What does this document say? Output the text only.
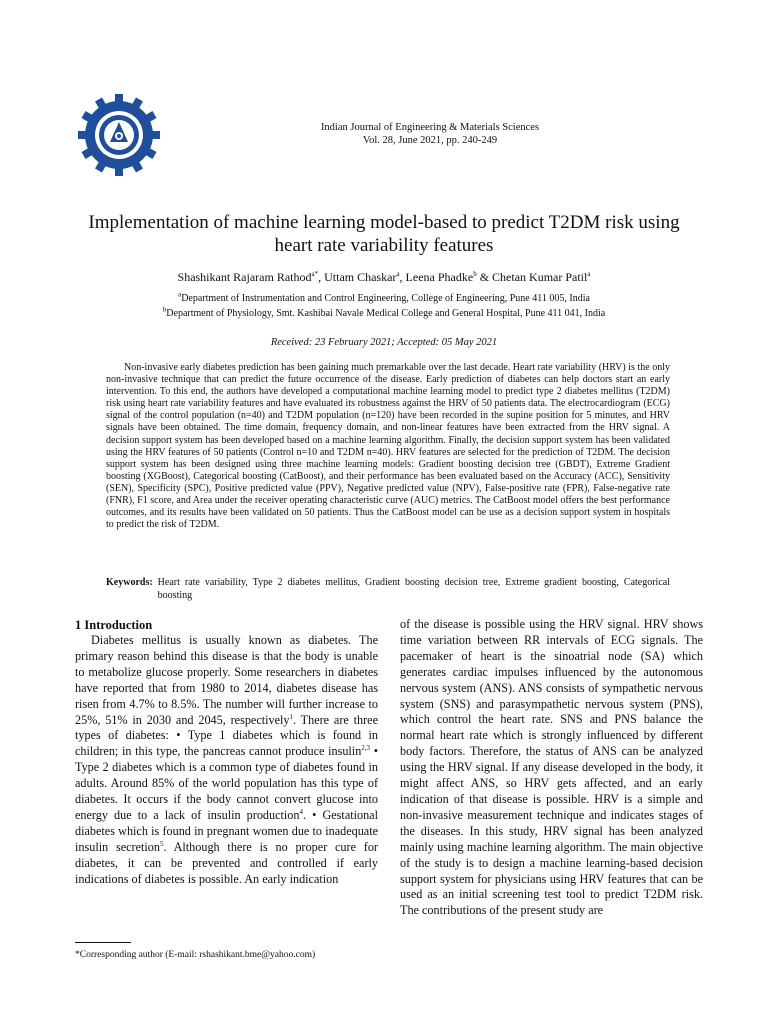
Indian Journal of Engineering & Materials Sciences
Vol. 28, June 2021, pp. 240-249
Implementation of machine learning model-based to predict T2DM risk using
heart rate variability features
Shashikant Rajaram Rathod$^{a*}$, Uttam Chaskar$^a$, Leena Phadke$^b$ & Chetan Kumar Patil$^a$
$^a$Department of Instrumentation and Control Engineering, College of Engineering, Pune 411 005, India
$^b$Department of Physiology, Smt. Kashibai Navale Medical College and General Hospital, Pune 411 041, India
Received: 23 February 2021; Accepted: 05 May 2021

Non-invasive early diabetes prediction has been gaining much premarkable over the last decade. Heart rate variability (HRV) is the only non-invasive technique that can predict the future occurrence of the disease. Early prediction of diabetes can help doctors start an early intervention. To this end, the authors have developed a computational machine learning model to predict type 2 diabetes mellitus (T2DM) risk using heart rate variability features and have evaluated its robustness against the HRV of 50 patients data. The electrocardiogram (ECG) signal of the control population (n=40) and T2DM population (n=120) have been recorded in the supine position for 5 minutes, and HRV signals have been obtained. The time domain, frequency domain, and non-linear features have been extracted from the HRV signal. A decision support system has been developed based on a machine learning algorithm. Finally, the decision support system has been validated using the HRV features of 50 patients (Control n=10 and T2DM n=40). HRV features are selected for the prediction of T2DM. The decision support system has been designed using three machine learning models: Gradient boosting decision tree (GBDT), Extreme Gradient boosting (XGBoost), Categorical boosting (CatBoost), and their performance has been evaluated based on the Accuracy (ACC), Sensitivity (SEN), Specificity (SPC), Positive predicted value (PPV), Negative predicted value (NPV), False-positive rate (FPR), False-negative rate (FNR), F1 score, and Area under the receiver operating characteristic curve (AUC) metrics. The CatBoost model offers the best performance outcomes, and its results have been validated on 50 patients. Thus the CatBoost model can be use as a decision support system in hospitals to predict the risk of T2DM.

Keywords: Heart rate variability, Type 2 diabetes mellitus, Gradient boosting decision tree, Extreme gradient boosting, Categorical boosting

1 Introduction

Diabetes mellitus is usually known as diabetes. The primary reason behind this disease is that the body is unable to metabolize glucose properly. Some researchers in diabetes have reported that from 1980 to 2014, diabetes disease has risen from 4.7% to 8.5%. The number will further increase to 25%, 51% in 2030 and 2045, respectively$^1$. There are three types of diabetes: • Type 1 diabetes which is found in children; in this type, the pancreas cannot produce insulin$^{2,3}$ • Type 2 diabetes which is a common type of diabetes found in adults. Around 85% of the world population has this type of diabetes. It occurs if the body cannot convert glucose into energy due to a lack of insulin production$^4$. • Gestational diabetes which is found in pregnant women due to inadequate insulin secretion$^5$. Although there is no proper cure for diabetes, it can be prevented and controlled if early indications of diabetes is possible. An early indication

of the disease is possible using the HRV signal. HRV shows time variation between RR intervals of ECG signals. The pacemaker of heart is the sinoatrial node (SA) which generates cardiac impulses influenced by the autonomous nervous system (ANS). ANS consists of sympathetic nervous system (SNS) and parasympathetic nervous system (PNS), which control the heart rate. SNS and PNS balance the normal heart rate which is strongly influenced by different body factors. Therefore, the status of ANS can be analyzed using the HRV signal. If any disease developed in the body, it might affect ANS, so HRV gets affected, and an early indication of that disease is possible. HRV is a simple and non-invasive measurement technique and indicates stages of the diseases. In this study, HRV signal has been analyzed mainly using machine learning algorithm. The main objective of the study is to design a machine learning-based decision support system for physicians using HRV features that can be used as an initial screening test tool to predict T2DM risk. The contributions of the present study are

*Corresponding author (E-mail: rshashikant.bme@yahoo.com)
